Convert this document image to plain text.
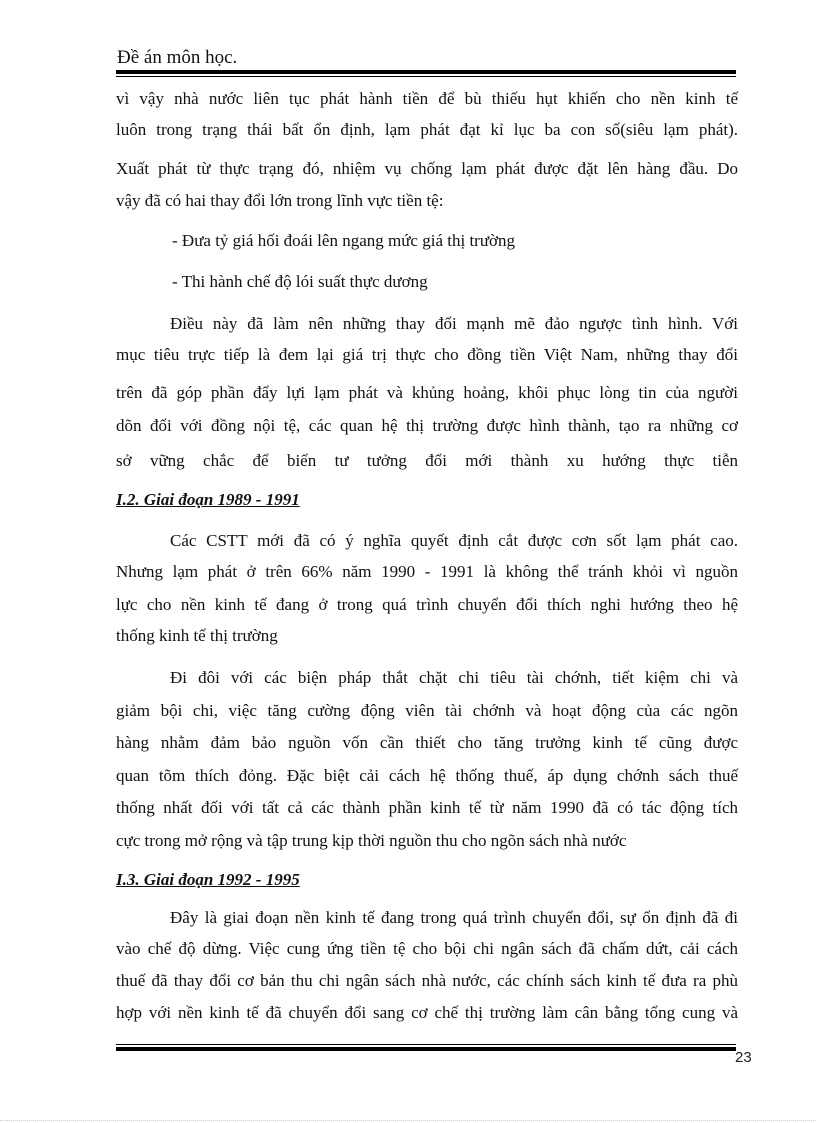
Đề án môn học.
vì vậy nhà nước liên tục phát hành tiền để bù thiếu hụt khiến cho nền kinh tế
luôn trong trạng thái bất ổn định, lạm phát đạt kỉ lục ba con số(siêu lạm phát).
Xuất phát từ thực trạng đó, nhiệm vụ chống lạm phát được đặt lên hàng đầu. Do
vậy đã có hai thay đổi lớn trong lĩnh vực tiền tệ:
- Đưa tỷ giá hối đoái lên ngang mức giá thị trường
- Thi hành chế độ lói suất thực dương
Điều này đã làm nên những thay đổi mạnh mẽ đảo ngược tình hình. Với
mục tiêu trực tiếp là đem lại giá trị thực cho đồng tiền Việt Nam, những thay đổi
trên đã góp phần đẩy lựi lạm phát và khủng hoảng, khôi phục lòng tin của người
dõn đối với đồng nội tệ, các quan hệ thị trường được hình thành, tạo ra những cơ
sở vững chắc để biến tư tưởng đổi mới thành xu hướng thực tiễn
I.2. Giai đoạn 1989 - 1991
Các CSTT mới đã có ý nghĩa quyết định cắt được cơn sốt lạm phát cao.
Nhưng lạm phát ở trên 66% năm 1990 - 1991 là không thể tránh khỏi vì nguồn
lực cho nền kinh tế đang ở trong quá trình chuyển đổi thích nghi hướng theo hệ
thống kinh tế thị trường
Đi đôi với các biện pháp thắt chặt chi tiêu tài chớnh, tiết kiệm chi và
giảm bội chi, việc tăng cường động viên tài chớnh và hoạt động của các ngõn
hàng nhằm đảm bảo nguồn vốn cần thiết cho tăng trưởng kinh tế cũng được
quan tõm thích đỏng. Đặc biệt cải cách hệ thống thuế, áp dụng chớnh sách thuế
thống nhất đối với tất cả các thành phần kinh tế từ năm 1990 đã có tác động tích
cực trong mở rộng và tập trung kịp thời nguồn thu cho ngõn sách nhà nước
I.3. Giai đoạn 1992 - 1995
Đây là giai đoạn nền kinh tế đang trong quá trình chuyển đổi, sự ổn định đã đi
vào chế độ dừng. Việc cung ứng tiền tệ cho bội chi ngân sách đã chấm dứt, cải cách
thuế đã thay đổi cơ bản thu chi ngân sách nhà nước, các chính sách kinh tế đưa ra phù
hợp với nền kinh tế đã chuyển đổi sang cơ chế thị trường làm cân bằng tổng cung và
23
